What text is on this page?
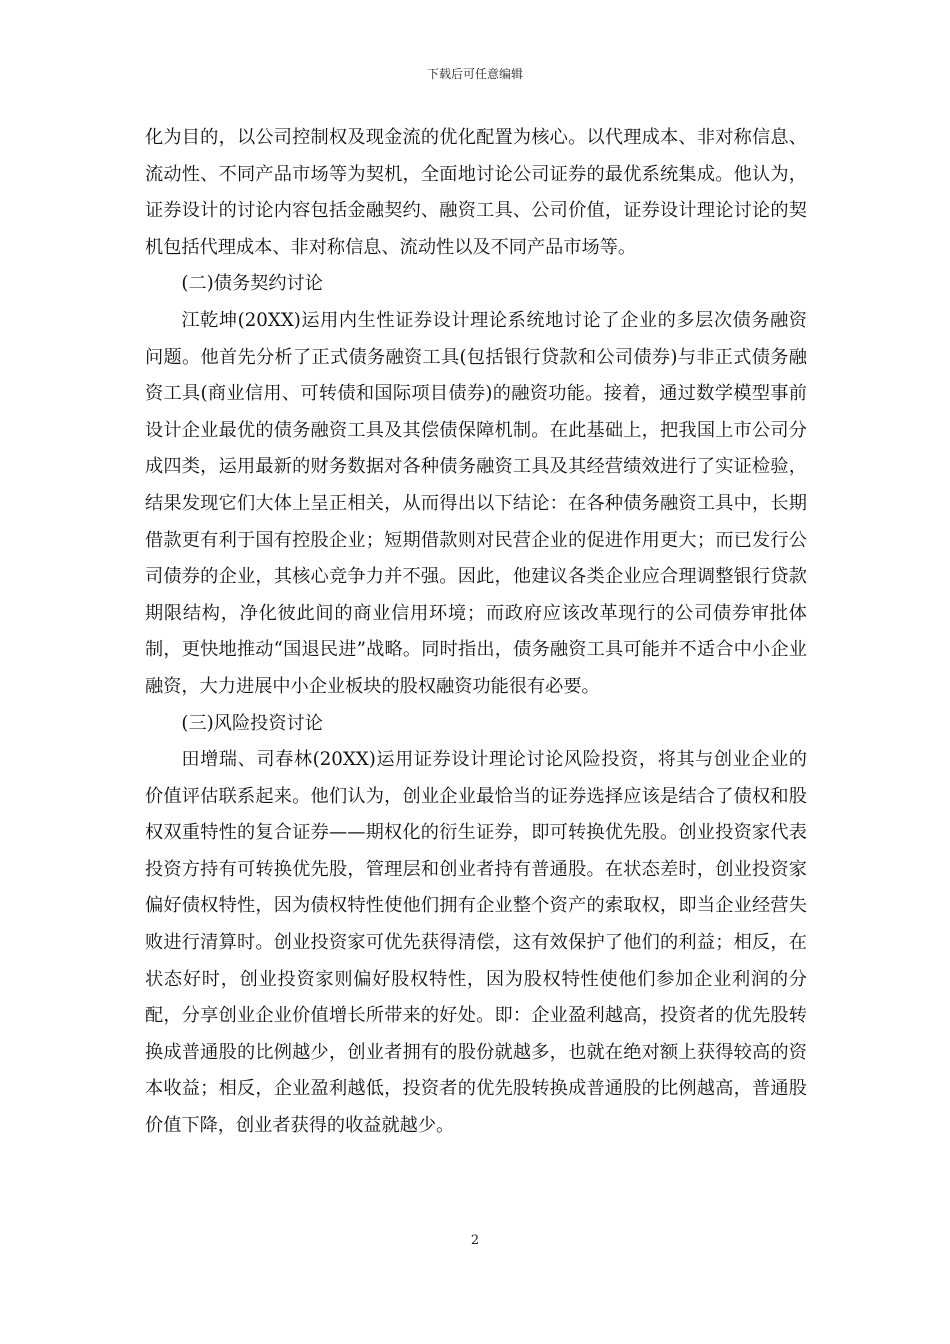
下载后可任意编辑

化为目的，以公司控制权及现金流的优化配置为核心。以代理成本、非对称信息、流动性、不同产品市场等为契机，全面地讨论公司证券的最优系统集成。他认为，证券设计的讨论内容包括金融契约、融资工具、公司价值，证券设计理论讨论的契机包括代理成本、非对称信息、流动性以及不同产品市场等。

(二)债务契约讨论

江乾坤(20XX)运用内生性证券设计理论系统地讨论了企业的多层次债务融资问题。他首先分析了正式债务融资工具(包括银行贷款和公司债券)与非正式债务融资工具(商业信用、可转债和国际项目债券)的融资功能。接着，通过数学模型事前设计企业最优的债务融资工具及其偿债保障机制。在此基础上，把我国上市公司分成四类，运用最新的财务数据对各种债务融资工具及其经营绩效进行了实证检验，结果发现它们大体上呈正相关，从而得出以下结论：在各种债务融资工具中，长期借款更有利于国有控股企业；短期借款则对民营企业的促进作用更大；而已发行公司债券的企业，其核心竞争力并不强。因此，他建议各类企业应合理调整银行贷款期限结构，净化彼此间的商业信用环境；而政府应该改革现行的公司债券审批体制，更快地推动“国退民进”战略。同时指出，债务融资工具可能并不适合中小企业融资，大力进展中小企业板块的股权融资功能很有必要。

(三)风险投资讨论

田增瑞、司春林(20XX)运用证券设计理论讨论风险投资，将其与创业企业的价值评估联系起来。他们认为，创业企业最恰当的证券选择应该是结合了债权和股权双重特性的复合证券——期权化的衍生证券，即可转换优先股。创业投资家代表投资方持有可转换优先股，管理层和创业者持有普通股。在状态差时，创业投资家偏好债权特性，因为债权特性使他们拥有企业整个资产的索取权，即当企业经营失败进行清算时。创业投资家可优先获得清偿，这有效保护了他们的利益；相反，在状态好时，创业投资家则偏好股权特性，因为股权特性使他们参加企业利润的分配，分享创业企业价值增长所带来的好处。即：企业盈利越高，投资者的优先股转换成普通股的比例越少，创业者拥有的股份就越多，也就在绝对额上获得较高的资本收益；相反，企业盈利越低，投资者的优先股转换成普通股的比例越高，普通股价值下降，创业者获得的收益就越少。

2
